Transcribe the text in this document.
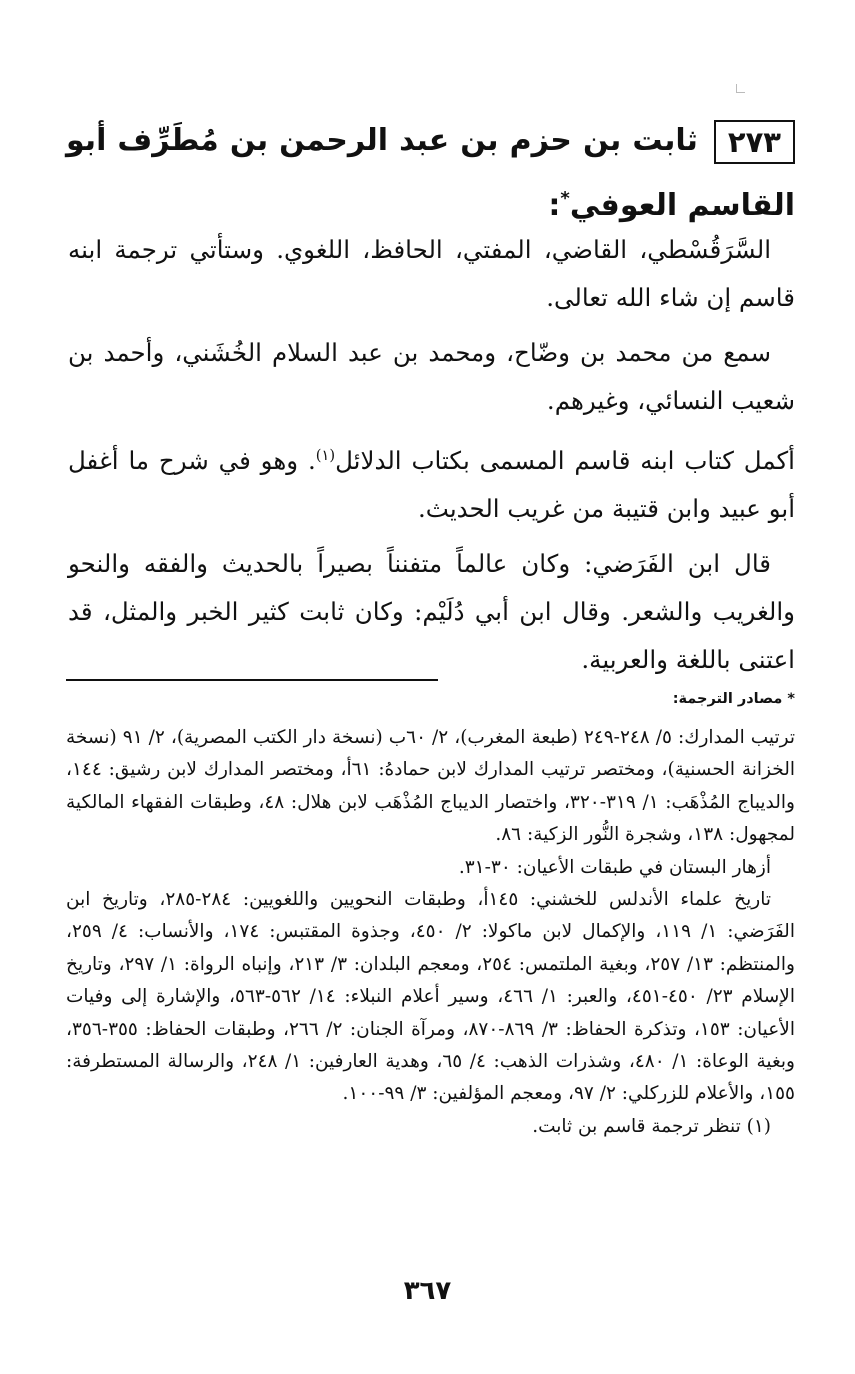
٢٧٣ثابت بن حزم بن عبد الرحمن بن مُطَرِّف أبو القاسم العوفي*:

السَّرَقُسْطي، القاضي، المفتي، الحافظ، اللغوي. وستأتي ترجمة ابنه قاسم إن شاء الله تعالى.

سمع من محمد بن وضّاح، ومحمد بن عبد السلام الخُشَني، وأحمد بن شعيب النسائي، وغيرهم.

أكمل كتاب ابنه قاسم المسمى بكتاب الدلائل$^{(١)}$. وهو في شرح ما أغفل أبو عبيد وابن قتيبة من غريب الحديث.

قال ابن الفَرَضي: وكان عالماً متفنناً بصيراً بالحديث والفقه والنحو والغريب والشعر. وقال ابن أبي دُلَيْم: وكان ثابت كثير الخبر والمثل، قد اعتنى باللغة والعربية.

* مصادر الترجمة:

ترتيب المدارك: ٥/ ٢٤٨-٢٤٩ (طبعة المغرب)، ٢/ ٦٠ب (نسخة دار الكتب المصرية)، ٢/ ٩١ (نسخة الخزانة الحسنية)، ومختصر ترتيب المدارك لابن حمادهُ: ٦١أ، ومختصر المدارك لابن رشيق: ١٤٤، والديباج المُذْهَب: ١/ ٣١٩-٣٢٠، واختصار الديباج المُذْهَب لابن هلال: ٤٨، وطبقات الفقهاء المالكية لمجهول: ١٣٨، وشجرة النُّور الزكية: ٨٦.

أزهار البستان في طبقات الأعيان: ٣٠-٣١.

تاريخ علماء الأندلس للخشني: ١٤٥أ، وطبقات النحويين واللغويين: ٢٨٤-٢٨٥، وتاريخ ابن الفَرَضي: ١/ ١١٩، والإكمال لابن ماكولا: ٢/ ٤٥٠، وجذوة المقتبس: ١٧٤، والأنساب: ٤/ ٢٥٩، والمنتظم: ١٣/ ٢٥٧، وبغية الملتمس: ٢٥٤، ومعجم البلدان: ٣/ ٢١٣، وإنباه الرواة: ١/ ٢٩٧، وتاريخ الإسلام ٢٣/ ٤٥٠-٤٥١، والعبر: ١/ ٤٦٦، وسير أعلام النبلاء: ١٤/ ٥٦٢-٥٦٣، والإشارة إلى وفيات الأعيان: ١٥٣، وتذكرة الحفاظ: ٣/ ٨٦٩-٨٧٠، ومرآة الجنان: ٢/ ٢٦٦، وطبقات الحفاظ: ٣٥٥-٣٥٦، وبغية الوعاة: ١/ ٤٨٠، وشذرات الذهب: ٤/ ٦٥، وهدية العارفين: ١/ ٢٤٨، والرسالة المستطرفة: ١٥٥، والأعلام للزركلي: ٢/ ٩٧، ومعجم المؤلفين: ٣/ ٩٩-١٠٠.

(١) تنظر ترجمة قاسم بن ثابت.

٣٦٧
